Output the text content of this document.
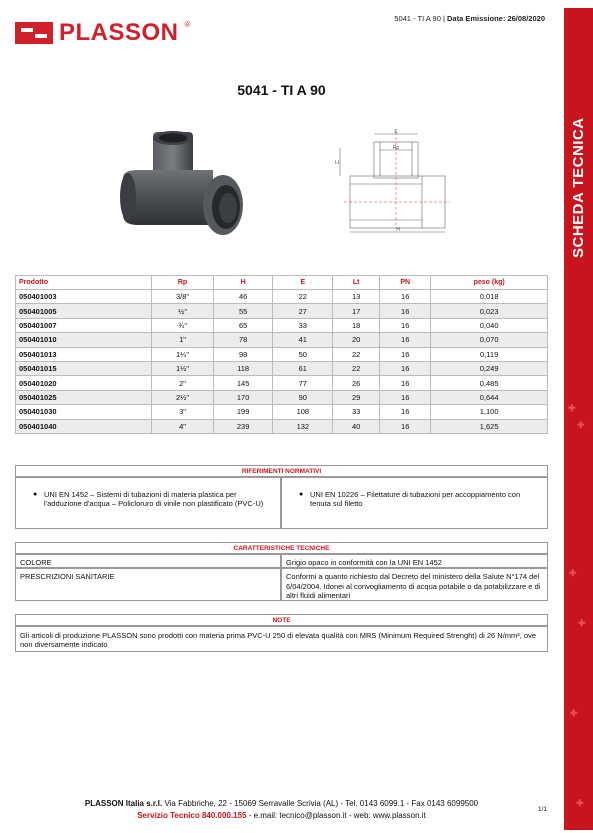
PLASSON ®
5041 - TI A 90 | Data Emissione: 26/08/2020
SCHEDA TECNICA
✚
✚
✚
✚
✚
✚
5041 - TI A 90
E
Rp
Lt
H
Prodotto	Rp	H	E	Lt	PN	peso (kg)
050401003	3/8"	46	22	13	16	0,018
050401005	½"	55	27	17	16	0,023
050401007	¾"	65	33	18	16	0,040
050401010	1"	78	41	20	16	0,070
050401013	1¼"	98	50	22	16	0,119
050401015	1½"	118	61	22	16	0,249
050401020	2"	145	77	26	16	0,485
050401025	2½"	170	90	29	16	0,644
050401030	3"	199	108	33	16	1,100
050401040	4"	239	132	40	16	1,625
RIFERIMENTI NORMATIVI
● UNI EN 1452 – Sistemi di tubazioni di materia plastica per l'adduzione d'acqua – Policloruro di vinile non plastificato (PVC-U)
● UNI EN 10226 – Filettature di tubazioni per accoppiamento con tenuta sul filetto
CARATTERISTICHE TECNICHE
COLORE	Grigio opaco in conformità con la UNI EN 1452
PRESCRIZIONI SANITARIE	Conformi a quanto richiesto dal Decreto del ministero della Salute N°174 del 6/04/2004. Idonei al convogliamento di acqua potabile o da potabilizzare e di altri fluidi alimentari
NOTE
Gli articoli di produzione PLASSON sono prodotti con materia prima PVC-U 250 di elevata qualità con MRS (Minimum Required Strenght) di 26 N/mm², ove non diversamente indicato
PLASSON Italia s.r.l. Via Fabbriche, 22 - 15069 Serravalle Scrivia (AL) - Tel. 0143 6099.1 - Fax 0143 6099500
Servizio Tecnico 840.000.155 - e.mail: tecnico@plasson.it - web: www.plasson.it
1/1
